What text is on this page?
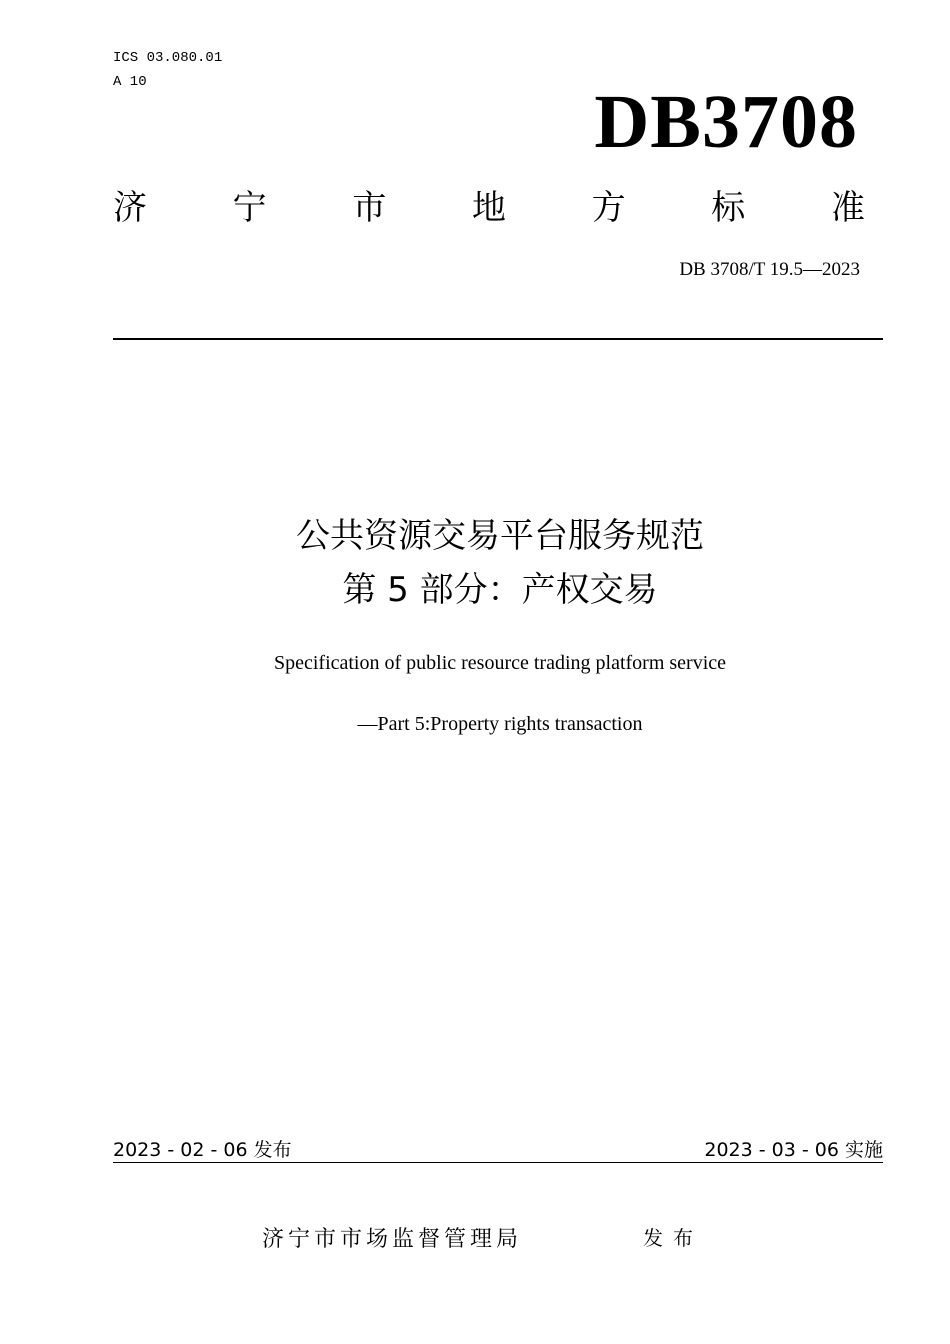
ICS 03.080.01
A 10	DB3708
济	宁	市	地	方	标	准
DB 3708/T 19.5—2023
公共资源交易平台服务规范
第 5 部分：产权交易
Specification of public resource trading platform service
—Part 5:Property rights transaction
2023 - 02 - 06 发布	2023 - 03 - 06 实施
济宁市市场监督管理局	发布
